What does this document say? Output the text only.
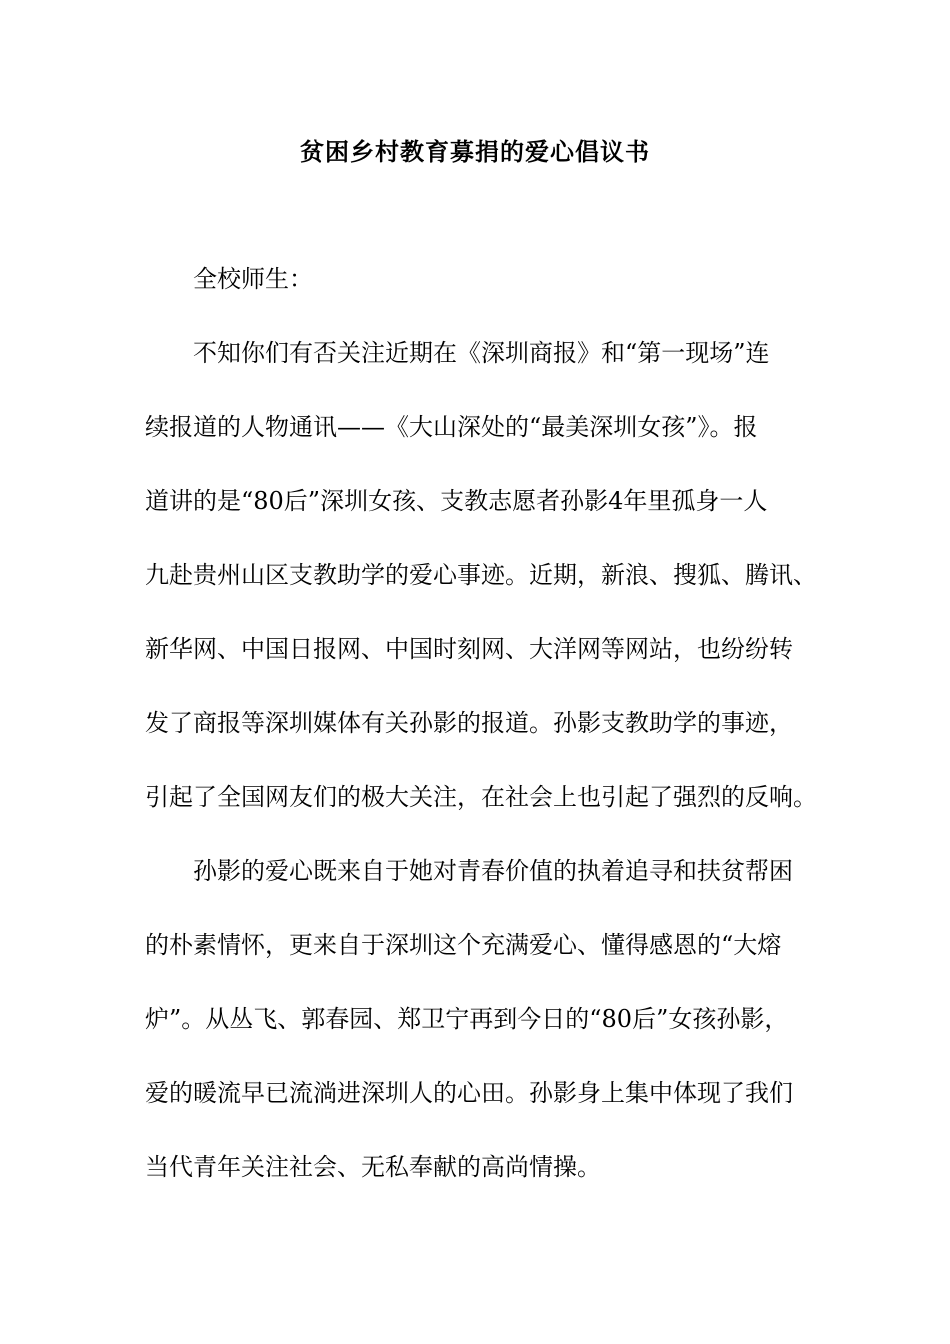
贫困乡村教育募捐的爱心倡议书
全校师生：
不知你们有否关注近期在《深圳商报》和“第一现场”连
续报道的人物通讯——《大山深处的“最美深圳女孩”》。报
道讲的是“80后”深圳女孩、支教志愿者孙影4年里孤身一人
九赴贵州山区支教助学的爱心事迹。近期，新浪、搜狐、腾讯、
新华网、中国日报网、中国时刻网、大洋网等网站，也纷纷转
发了商报等深圳媒体有关孙影的报道。孙影支教助学的事迹，
引起了全国网友们的极大关注，在社会上也引起了强烈的反响。
孙影的爱心既来自于她对青春价值的执着追寻和扶贫帮困
的朴素情怀，更来自于深圳这个充满爱心、懂得感恩的“大熔
炉”。从丛飞、郭春园、郑卫宁再到今日的“80后”女孩孙影，
爱的暖流早已流淌进深圳人的心田。孙影身上集中体现了我们
当代青年关注社会、无私奉献的高尚情操。
